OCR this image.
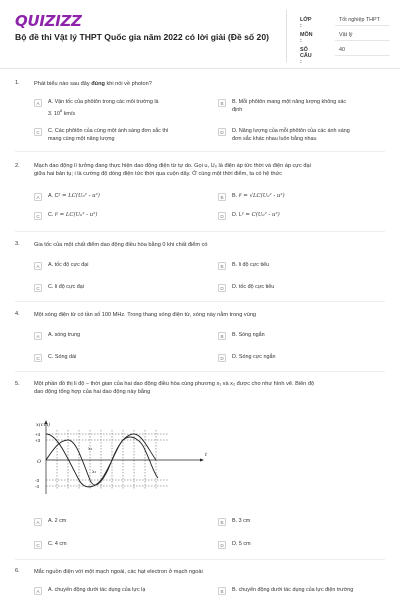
QUIZIZZ
Bộ đề thi Vật lý THPT Quốc gia năm 2022 có lời giải (Đề số 20)
LỚP :
Tốt nghiệp THPT
MÔN :
Vật lý
SỐ CÂU :
40
1.	Phát biểu nào sau đây đúng khi nói về photon?
A	A. Vận tốc của phôtôn trong các môi trường là
3. $10^8$ km/s
B	B. Mỗi phôtôn mang một năng lượng không xác
định
C	C. Các phôtôn của cùng một ánh sáng đơn sắc thì
mang cùng một năng lượng
D	D. Năng lượng của mỗi phôtôn của các ánh sáng
đơn sắc khác nhau luôn bằng nhau
2.	Mạch dao động lí tưởng đang thực hiện dao động điện từ tự do. Gọi u, U₀ là điện áp tức thời và điện áp cực đại
giữa hai bản tụ; i là cường độ dòng điện tức thời qua cuộn dây. Ở cùng một thời điểm, ta có hệ thức
A	A. C² = LC(U₀² - u²)	B	B. i² = √LC(U₀² - u²)
C	C. i² = LC(U₀² - u²)	D	D. L² = C(U₀² - u²)
3.	Gia tốc của một chất điểm dao động điều hòa bằng 0 khi chất điểm có
A	A. tốc độ cực đại	B	B. li độ cực tiểu
C	C. li độ cực đại	D	D. tốc độ cực tiểu
4.	Một sóng điện từ có tần số 100 MHz. Trong thang sóng điện từ, sóng này nằm trong vùng
A	A. sóng trung	B	B. Sóng ngắn
C	C. Sóng dài	D	D. Sóng cực ngắn
5.	Một phần đồ thị li độ – thời gian của hai dao động điều hòa cùng phương x₁ và x₂ được cho như hình vẽ. Biên độ
dao động tổng hợp của hai dao động này bằng
x(cm)
t
O
+4
+3
-3
-4
x₁
x₂
A	A. 2 cm	B	B. 3 cm
C	C. 4 cm	D	D. 5 cm
6.	Mắc nguồn điện với một mạch ngoài, các hạt electron ở mạch ngoài
A	A. chuyển động dưới tác dụng của lực lạ	B	B. chuyển động dưới tác dụng của lực điện trường
